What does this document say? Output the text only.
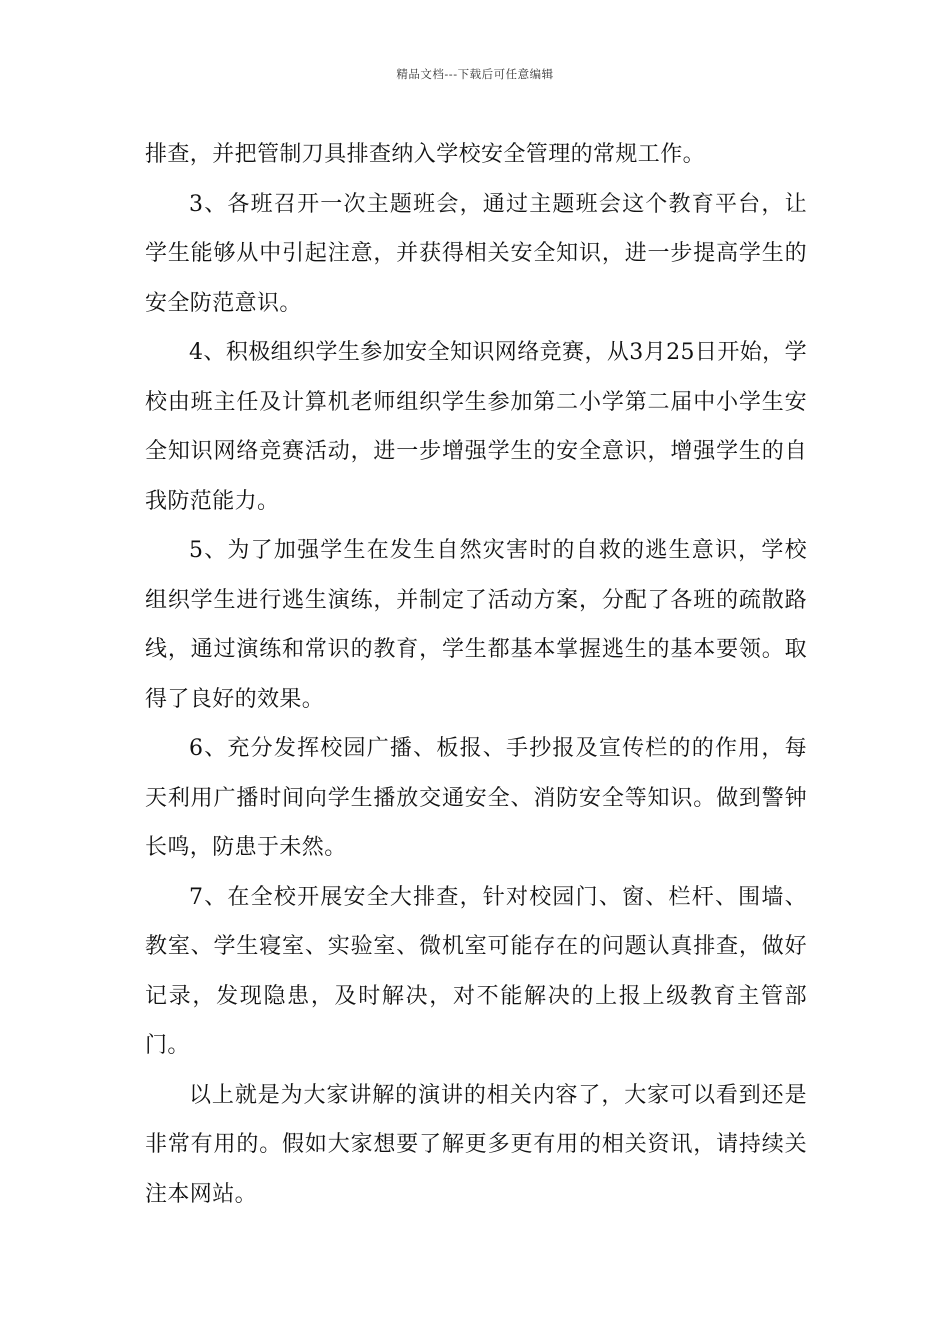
精品文档---下载后可任意编辑

排查，并把管制刀具排查纳入学校安全管理的常规工作。

3、各班召开一次主题班会，通过主题班会这个教育平台，让学生能够从中引起注意，并获得相关安全知识，进一步提高学生的安全防范意识。

4、积极组织学生参加安全知识网络竞赛，从3月25日开始，学校由班主任及计算机老师组织学生参加第二小学第二届中小学生安全知识网络竞赛活动，进一步增强学生的安全意识，增强学生的自我防范能力。

5、为了加强学生在发生自然灾害时的自救的逃生意识，学校组织学生进行逃生演练，并制定了活动方案，分配了各班的疏散路线，通过演练和常识的教育，学生都基本掌握逃生的基本要领。取得了良好的效果。

6、充分发挥校园广播、板报、手抄报及宣传栏的的作用，每天利用广播时间向学生播放交通安全、消防安全等知识。做到警钟长鸣，防患于未然。

7、在全校开展安全大排查，针对校园门、窗、栏杆、围墙、教室、学生寝室、实验室、微机室可能存在的问题认真排查，做好记录，发现隐患，及时解决，对不能解决的上报上级教育主管部门。

以上就是为大家讲解的演讲的相关内容了，大家可以看到还是非常有用的。假如大家想要了解更多更有用的相关资讯，请持续关注本网站。
